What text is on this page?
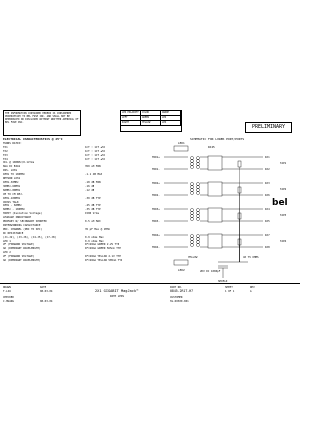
THE INFORMATION CONTAINED HEREIN IS CONSIDERED PROPRIETARY TO BEL FUSE INC. AND SHALL NOT BE REPRODUCED OR DISCLOSED WITHOUT WRITTEN APPROVAL OF BEL FUSE INC.
LED POLARITY	COLOR	ANODE
LEFT	GREEN	LED
RIGHT	YELLOW	LED
PRELIMINARY
ELECTRICAL CHARACTERISTICS @ 25°C
TURNS RATIO:
TX1	1CT : 1CT ±5%
TX2	1CT : 1CT ±5%
TX3	1CT : 1CT ±5%
TX4	1CT : 1CT ±5%
OCL @ 100KHz/0.1Vrms
8mA DC BIAS	350 uH MIN
INS. LOSS
1MHz TO 100MHz	-1.1 dB MAX
RETURN LOSS
1MHz-30MHz	-18 dB MIN
30MHz-60MHz	-16 dB
60MHz-80MHz	-12 dB
CM TO CM REJ.
1MHz-100MHz	-30 dB TYP
CROSS TALK
1MHz - 60MHz	-45 dB TYP
60MHz - 100MHz	-35 dB TYP
HIPOT (Isolation Voltage)	1500 Vrms
LEAKAGE INDUCTANCE
PRIMARY W/ SECONDARY SHORTED	0.5 uH MAX
INTERWINDING CAPACITANCE
PRI. CHANNEL (PRI TO SEC)	35 pF Max @ 1MHz
DC RESISTANCE
(J1-J2), (J3-J6), (J4-J5), (J7-J8)	0.9 ohms Max
LED 1	0.9 ohms Max
VF (FORWARD VOLTAGE)	IF=20mA GREEN 2.2V TYP
λD (DOMINANT WAVELENGTH)	IF=20mA GREEN 565nm TYP
LED 2
VF (FORWARD VOLTAGE)	IF=20mA YELLOW 2.1V TYP
λD (DOMINANT WAVELENGTH)	IF=20mA YELLOW 585nm TYP
SCHEMATIC FOR LOWER PORT/PORTS
LED1
RJ45
TRD1+
TRD1-
RJ1
RJ2
TAP1
TRD2+
TRD2-
RJ3
RJ6
TAP2
TRD3+
TRD3-
RJ4
RJ5
TAP3
TRD4+
TRD4-
RJ7
RJ8
TAP4
4X 75 OHMS
2KV DC 1000pF
LED2
YELLOW
SHIELD
DRAWN
T.LIU
DATE
08-03-04
CHECKED
C.HUANG	08-03-04
2X1 GIGABIT MagJack™
WITH LEDS
PART NO.
0845-2R1T-H7
CUSTOMER
SS-60300-001
SHEET
1 OF 1
REV
A
bel
